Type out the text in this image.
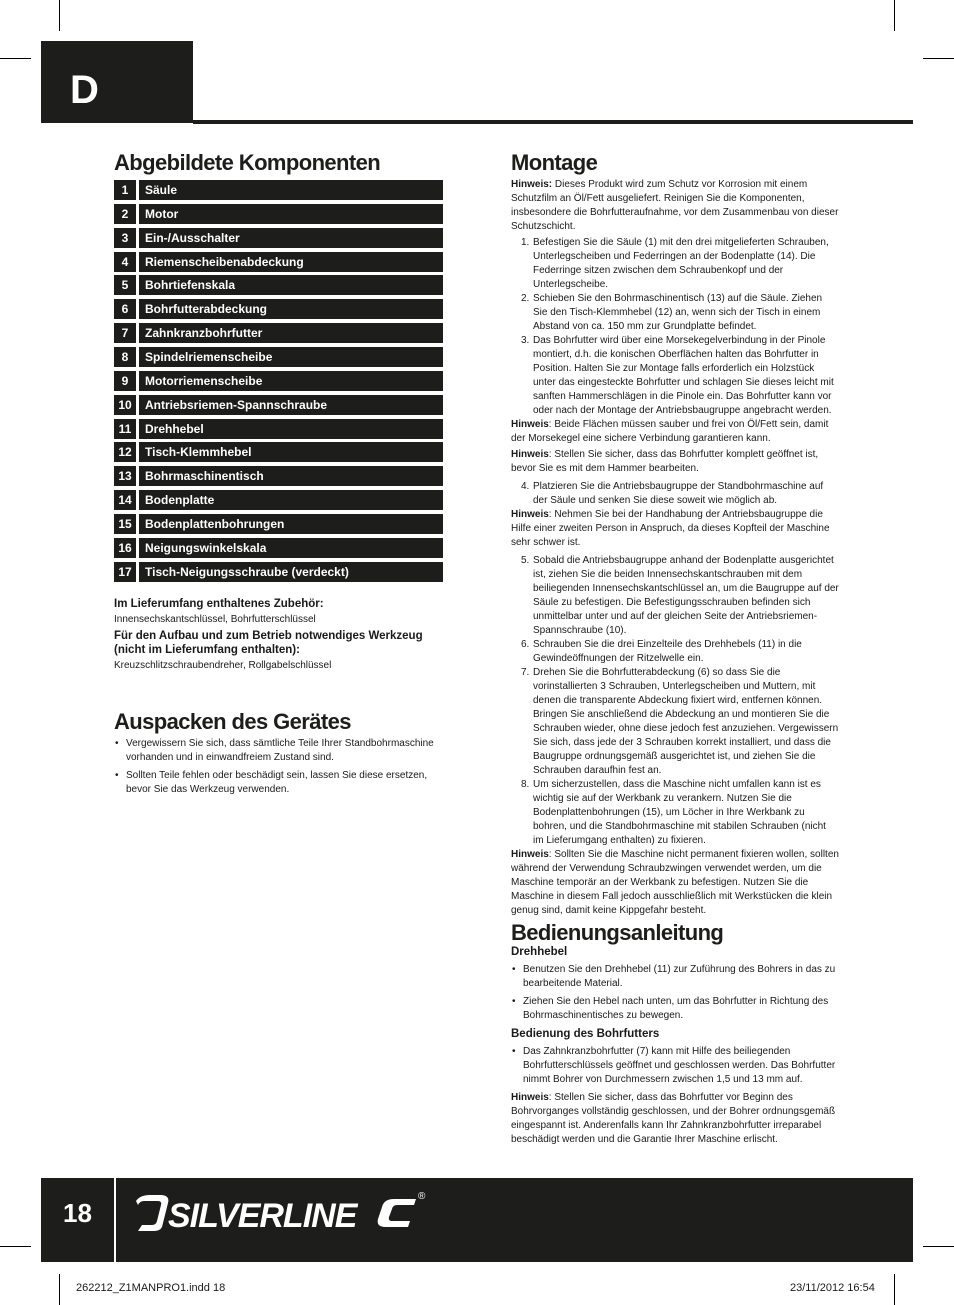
D
Abgebildete Komponenten
1	Säule
2	Motor
3	Ein-/Ausschalter
4	Riemenscheibenabdeckung
5	Bohrtiefenskala
6	Bohrfutterabdeckung
7	Zahnkranzbohrfutter
8	Spindelriemenscheibe
9	Motorriemenscheibe
10	Antriebsriemen-Spannschraube
11	Drehhebel
12	Tisch-Klemmhebel
13	Bohrmaschinentisch
14	Bodenplatte
15	Bodenplattenbohrungen
16	Neigungswinkelskala
17	Tisch-Neigungsschraube (verdeckt)

Im Lieferumfang enthaltenes Zubehör:

Innensechskantschlüssel, Bohrfutterschlüssel

Für den Aufbau und zum Betrieb notwendiges Werkzeug (nicht im Lieferumfang enthalten):

Kreuzschlitzschraubendreher, Rollgabelschlüssel

Auspacken des Gerätes
• Vergewissern Sie sich, dass sämtliche Teile Ihrer Standbohrmaschine vorhanden und in einwandfreiem Zustand sind.
• Sollten Teile fehlen oder beschädigt sein, lassen Sie diese ersetzen, bevor Sie das Werkzeug verwenden.
Montage

Hinweis: Dieses Produkt wird zum Schutz vor Korrosion mit einem Schutzfilm an Öl/Fett ausgeliefert. Reinigen Sie die Komponenten, insbesondere die Bohrfutteraufnahme, vor dem Zusammenbau von dieser Schutzschicht.

1. Befestigen Sie die Säule (1) mit den drei mitgelieferten Schrauben, Unterlegscheiben und Federringen an der Bodenplatte (14). Die Federringe sitzen zwischen dem Schraubenkopf und der Unterlegscheibe.
2. Schieben Sie den Bohrmaschinentisch (13) auf die Säule. Ziehen Sie den Tisch-Klemmhebel (12) an, wenn sich der Tisch in einem Abstand von ca. 150 mm zur Grundplatte befindet.
3. Das Bohrfutter wird über eine Morsekegelverbindung in der Pinole montiert, d.h. die konischen Oberflächen halten das Bohrfutter in Position. Halten Sie zur Montage falls erforderlich ein Holzstück unter das eingesteckte Bohrfutter und schlagen Sie dieses leicht mit sanften Hammerschlägen in die Pinole ein. Das Bohrfutter kann vor oder nach der Montage der Antriebsbaugruppe angebracht werden.

Hinweis: Beide Flächen müssen sauber und frei von Öl/Fett sein, damit der Morsekegel eine sichere Verbindung garantieren kann.

Hinweis: Stellen Sie sicher, dass das Bohrfutter komplett geöffnet ist, bevor Sie es mit dem Hammer bearbeiten.

4. Platzieren Sie die Antriebsbaugruppe der Standbohrmaschine auf der Säule und senken Sie diese soweit wie möglich ab.

Hinweis: Nehmen Sie bei der Handhabung der Antriebsbaugruppe die Hilfe einer zweiten Person in Anspruch, da dieses Kopfteil der Maschine sehr schwer ist.

5. Sobald die Antriebsbaugruppe anhand der Bodenplatte ausgerichtet ist, ziehen Sie die beiden Innensechskantschrauben mit dem beiliegenden Innensechskantschlüssel an, um die Baugruppe auf der Säule zu befestigen. Die Befestigungsschrauben befinden sich unmittelbar unter und auf der gleichen Seite der Antriebsriemen-Spannschraube (10).
6. Schrauben Sie die drei Einzelteile des Drehhebels (11) in die Gewindeöffnungen der Ritzelwelle ein.
7. Drehen Sie die Bohrfutterabdeckung (6) so dass Sie die vorinstallierten 3 Schrauben, Unterlegscheiben und Muttern, mit denen die transparente Abdeckung fixiert wird, entfernen können. Bringen Sie anschließend die Abdeckung an und montieren Sie die Schrauben wieder, ohne diese jedoch fest anzuziehen. Vergewissern Sie sich, dass jede der 3 Schrauben korrekt installiert, und dass die Baugruppe ordnungsgemäß ausgerichtet ist, und ziehen Sie die Schrauben daraufhin fest an.
8. Um sicherzustellen, dass die Maschine nicht umfallen kann ist es wichtig sie auf der Werkbank zu verankern. Nutzen Sie die Bodenplattenbohrungen (15), um Löcher in Ihre Werkbank zu bohren, und die Standbohrmaschine mit stabilen Schrauben (nicht im Lieferumgang enthalten) zu fixieren.

Hinweis: Sollten Sie die Maschine nicht permanent fixieren wollen, sollten während der Verwendung Schraubzwingen verwendet werden, um die Maschine temporär an der Werkbank zu befestigen. Nutzen Sie die Maschine in diesem Fall jedoch ausschließlich mit Werkstücken die klein genug sind, damit keine Kippgefahr besteht.

Bedienungsanleitung

Drehhebel

• Benutzen Sie den Drehhebel (11) zur Zuführung des Bohrers in das zu bearbeitende Material.
• Ziehen Sie den Hebel nach unten, um das Bohrfutter in Richtung des Bohrmaschinentisches zu bewegen.

Bedienung des Bohrfutters

• Das Zahnkranzbohrfutter (7) kann mit Hilfe des beiliegenden Bohrfutterschlüssels geöffnet und geschlossen werden. Das Bohrfutter nimmt Bohrer von Durchmessern zwischen 1,5 und 13 mm auf.

Hinweis: Stellen Sie sicher, dass das Bohrfutter vor Beginn des Bohrvorganges vollständig geschlossen, und der Bohrer ordnungsgemäß eingespannt ist. Anderenfalls kann Ihr Zahnkranzbohrfutter irreparabel beschädigt werden und die Garantie Ihrer Maschine erlischt.

18	SILVERLINE
®
262212_Z1MANPRO1.indd 18	23/11/2012 16:54
